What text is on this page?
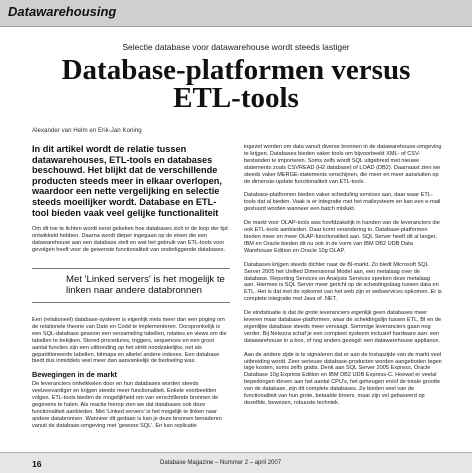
Datawarehousing
Selectie database voor datawarehouse wordt steeds lastiger
Database-platformen versus
ETL-tools
Alexander van Helm en Erik-Jan Koning
In dit artikel wordt de relatie tussen datawarehouses, ETL-tools en databases beschouwd. Het blijkt dat de verschillende producten steeds meer in elkaar overlopen, waardoor een nette vergelijking en selectie steeds moeilijker wordt. Database en ETL-tool bieden vaak veel gelijke functionaliteit

Om dit toe te lichten wordt eerst gekeken hoe databases zich in de loop der tijd ontwikkeld hebben. Daarna wordt dieper ingegaan op de eisen die een datawarehouse aan een database stelt en wat het gebruik van ETL-tools voor gevolgen heeft voor de gewenste functionaliteit van onderliggende databases.

Met 'Linked servers' is het mogelijk te linken naar andere databronnen

Een (relationeel) database-systeem is eigenlijk niets meer dan een poging om de relationele theorie van Date en Codd te implementeren. Oorspronkelijk is een SQL-database gewoon een verzameling tabellen, relaties en views om die tabellen te bekijken. Stored procedures, triggers, sequences en een groot aantal functies zijn een uitbreiding op het strikt noodzakelijke, net als gepartitioneerde tabellen, bitmaps en allerlei andere indexes. Een database biedt dus inmiddels veel meer dan aanvankelijk de bedoeling was.

Bewegingen in de markt

De leveranciers ontwikkelen door en hun databases worden steeds veelzeevardiger en krijgen steeds meer functionaliteit. Enkele voorbeelden volgen. ETL-tools bieden de mogelijkheid om van verschillende bronnen de gegevens te halen. Als reactie hierop zien we dat databases ook deze functionaliteit aanbieden. Met 'Linked servers' is het mogelijk te linken naar andere databronnen. Wanneer dit gedaan is kan je deze bronnen benaderen vanuit de database-omgeving met 'gewone SQL'. En kan replicatie

ingezet worden om data vanuit diverse bronnen in de datawarehouse-omgeving te krijgen. Databases bieden vaker tools om bijvoorbeeld XML- of CSV-bestanden te importeren. Soms zelfs wordt SQL uitgebreid met nieuwe statements zoals CSVREAD (H2 database) of LOAD (DB2). Daarnaast zien we steeds vaker MERGE-statements verschijnen, die meer en meer aansluiten op de dimensie-update functionaliteit van ETL-tools.

Database-platformen bieden vaker scheduling services aan, daar waar ETL-tools dat al bieden. Vaak is er integratie met het mailsysteem en kan een e-mail gestuurd worden wanneer een batch mislukt.

De markt voor OLAP-tools was hoofdzakelijk in handen van de leveranciers die ook ETL-tools aanbieden. Daar komt verandering in. Database-platformen bieden meer en meer OLAP-functionaliteit aan. SQL Server heeft dit al langer, IBM en Oracle bieden dit nu ook in de vorm van IBM DB2 UDB Data Warehouse Edition en Oracle 10g OLAP.

Databases krijgen steeds dichter naar de BI-markt. Zo biedt Microsoft SQL Server 2005 het Unified Dimensional Model aan, een metalaag over de database. Reporting Services en Analysis Services spreken deze metalaag aan. Hiermee is SQL Server meer gericht op de scheidingslaag tussen data en ETL. Het is dat met de opkomst van het web zijn er webservices opkomen. Er is complete integratie met Java of .NET.

De eindsituatie is dat de grote leveranciers eigenlijk geen databases meer leveren maar database-platformen, waar de scheidingslijn tussen ETL, BI en de eigenlijke database steeds meer vervaagt. Sommige leveranciers gaan nog verder. Bij Netezza schaf je een compleet systeem inclusief hardware aan: een datawarehouse in a box, of nog anders gezegd: een datawarehouse appliance.

Aan de andere zijde is te signaleren dat er aan de instapzijde van de markt veel uitbreiding wordt. Zeer serieuze database-producten worden aangeboden tegen lage kosten, soms zelfs gratis. Denk aan SQL Server 2005 Express, Oracle Database 10g Express Edition en IBM DB2 UDB Express-C. Hoewel er veelal beperkingen kleven aan het aantal CPU's, het geheugen en/of de totale grootte van de database, zijn dit complete databases. Ze bieden veel van de functionaliteit van hun grote, betaalde broers, maar zijn vel gebaseerd op dezelfde, bewezen, robuuste techniek.

16	Database Magazine – Nummer 2 – april 2007
